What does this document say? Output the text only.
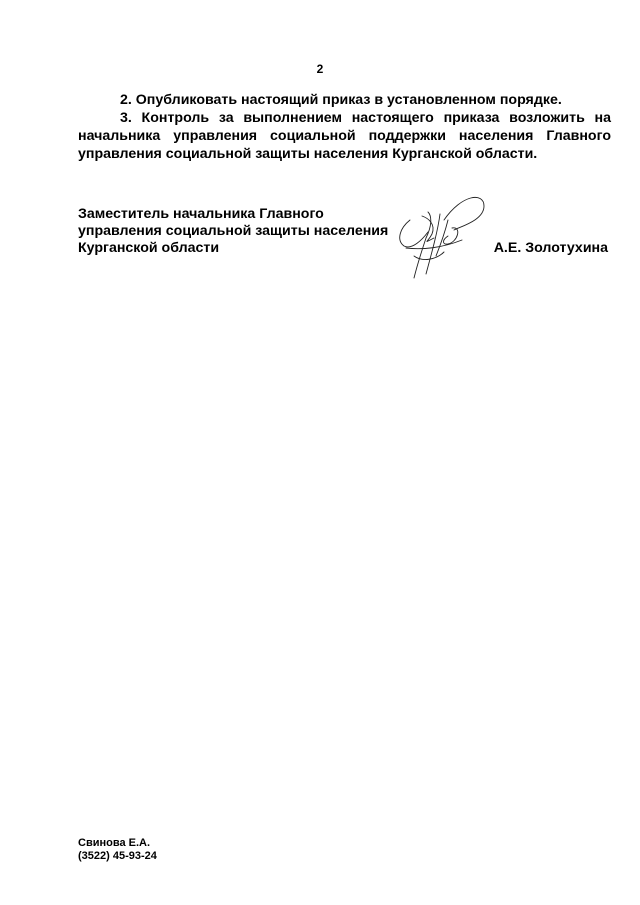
2

2. Опубликовать настоящий приказ в установленном порядке.

3. Контроль за выполнением настоящего приказа возложить на начальника управления социальной поддержки населения Главного управления социальной защиты населения Курганской области.

Заместитель начальника Главного
управления социальной защиты населения
Курганской области	А.Е. Золотухина
Свинова Е.А.
(3522) 45-93-24
